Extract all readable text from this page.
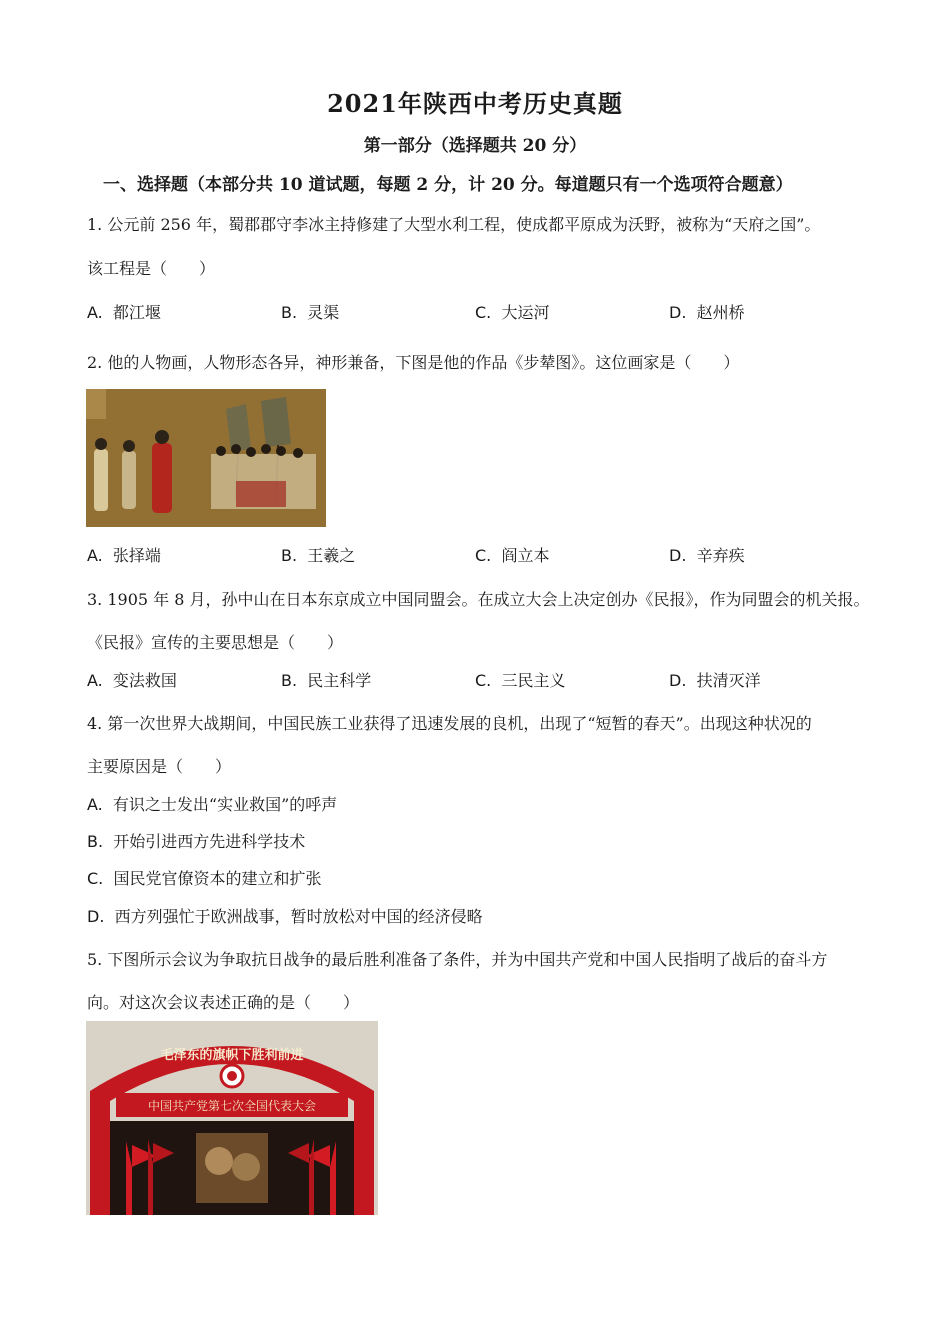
2021年陕西中考历史真题
第一部分（选择题共 20 分）
一、选择题（本部分共 10 道试题，每题 2 分，计 20 分。每道题只有一个选项符合题意）
1. 公元前 256 年，蜀郡郡守李冰主持修建了大型水利工程，使成都平原成为沃野，被称为“天府之国”。
该工程是（　　）
A. 都江堰	B. 灵渠	C. 大运河	D. 赵州桥
2. 他的人物画，人物形态各异，神形兼备，下图是他的作品《步辇图》。这位画家是（　　）
A. 张择端	B. 王羲之	C. 阎立本	D. 辛弃疾
3. 1905 年 8 月，孙中山在日本东京成立中国同盟会。在成立大会上决定创办《民报》，作为同盟会的机关报。
《民报》宣传的主要思想是（　　）
A. 变法救国	B. 民主科学	C. 三民主义	D. 扶清灭洋
4. 第一次世界大战期间，中国民族工业获得了迅速发展的良机，出现了“短暂的春天”。出现这种状况的
主要原因是（　　）
A. 有识之士发出“实业救国”的呼声
B. 开始引进西方先进科学技术
C. 国民党官僚资本的建立和扩张
D. 西方列强忙于欧洲战事，暂时放松对中国的经济侵略
5. 下图所示会议为争取抗日战争的最后胜利准备了条件，并为中国共产党和中国人民指明了战后的奋斗方
向。对这次会议表述正确的是（　　）
中国共产党第七次全国代表大会
毛泽东的旗帜下胜利前进
